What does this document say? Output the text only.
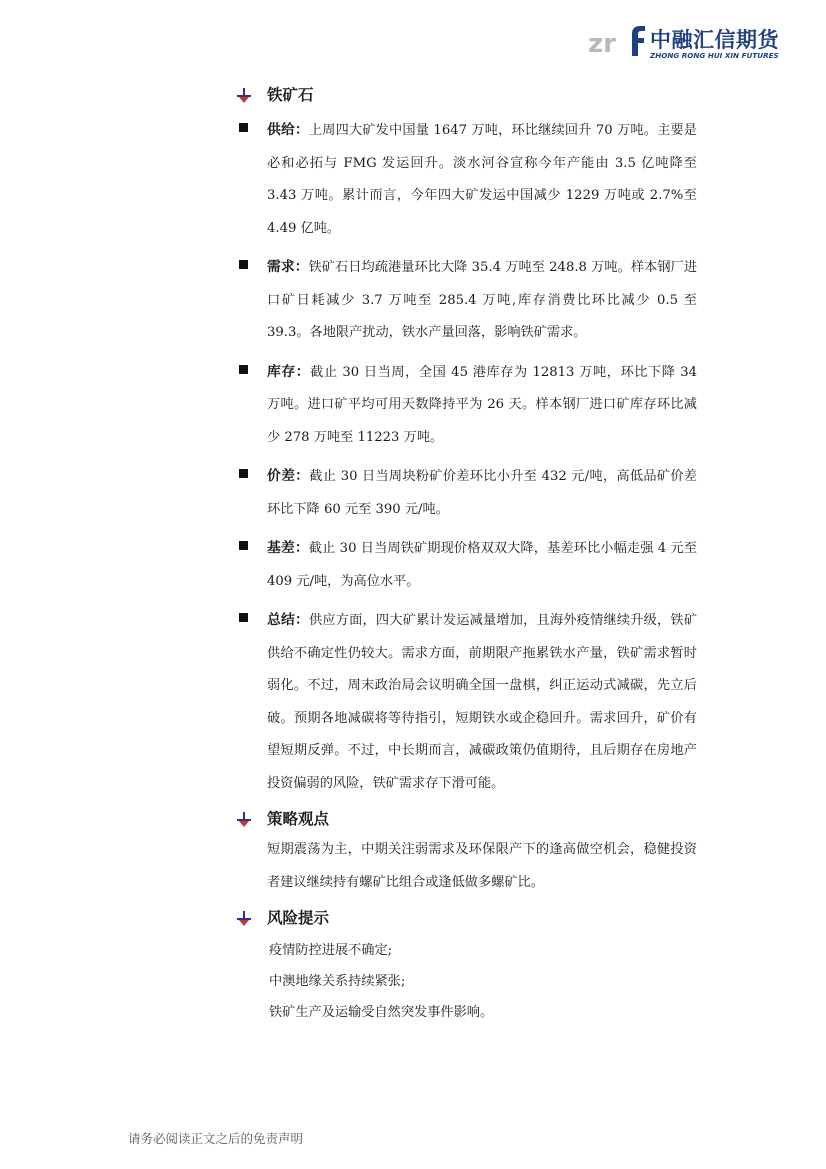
zr 中融汇信期货
ZHONG RONG HUI XIN FUTURES
铁矿石

供给：上周四大矿发中国量 1647 万吨，环比继续回升 70 万吨。主要是必和必拓与 FMG 发运回升。淡水河谷宣称今年产能由 3.5 亿吨降至 3.43 万吨。累计而言，今年四大矿发运中国减少 1229 万吨或 2.7%至 4.49 亿吨。

需求：铁矿石日均疏港量环比大降 35.4 万吨至 248.8 万吨。样本钢厂进口矿日耗减少 3.7 万吨至 285.4 万吨,库存消费比环比减少 0.5 至 39.3。各地限产扰动，铁水产量回落，影响铁矿需求。

库存：截止 30 日当周，全国 45 港库存为 12813 万吨，环比下降 34 万吨。进口矿平均可用天数降持平为 26 天。样本钢厂进口矿库存环比减少 278 万吨至 11223 万吨。

价差：截止 30 日当周块粉矿价差环比小升至 432 元/吨，高低品矿价差环比下降 60 元至 390 元/吨。

基差：截止 30 日当周铁矿期现价格双双大降，基差环比小幅走强 4 元至 409 元/吨，为高位水平。

总结：供应方面，四大矿累计发运减量增加，且海外疫情继续升级，铁矿供给不确定性仍较大。需求方面，前期限产拖累铁水产量，铁矿需求暂时弱化。不过，周末政治局会议明确全国一盘棋，纠正运动式减碳，先立后破。预期各地减碳将等待指引，短期铁水或企稳回升。需求回升，矿价有望短期反弹。不过，中长期而言，减碳政策仍值期待，且后期存在房地产投资偏弱的风险，铁矿需求存下滑可能。

策略观点

短期震荡为主，中期关注弱需求及环保限产下的逢高做空机会，稳健投资者建议继续持有螺矿比组合或逢低做多螺矿比。

风险提示
疫情防控进展不确定;
中澳地缘关系持续紧张;
铁矿生产及运输受自然突发事件影响。
请务必阅读正文之后的免责声明
